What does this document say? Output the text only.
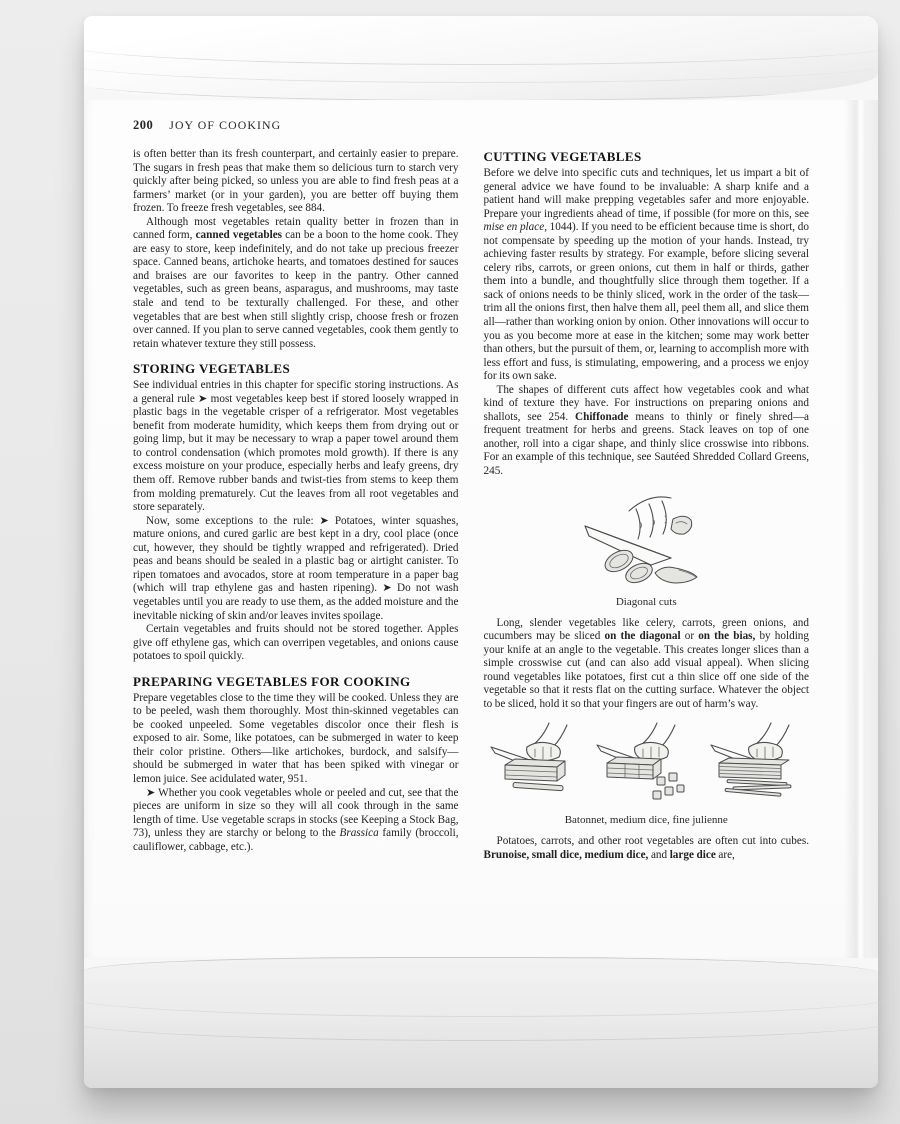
200 JOY OF COOKING

is often better than its fresh counterpart, and certainly easier to prepare. The sugars in fresh peas that make them so delicious turn to starch very quickly after being picked, so unless you are able to find fresh peas at a farmers’ market (or in your garden), you are better off buying them frozen. To freeze fresh vegetables, see 884.

Although most vegetables retain quality better in frozen than in canned form, canned vegetables can be a boon to the home cook. They are easy to store, keep indefinitely, and do not take up precious freezer space. Canned beans, artichoke hearts, and tomatoes destined for sauces and braises are our favorites to keep in the pantry. Other canned vegetables, such as green beans, asparagus, and mushrooms, may taste stale and tend to be texturally challenged. For these, and other vegetables that are best when still slightly crisp, choose fresh or frozen over canned. If you plan to serve canned vegetables, cook them gently to retain whatever texture they still possess.

STORING VEGETABLES

See individual entries in this chapter for specific storing instructions. As a general rule ➤ most vegetables keep best if stored loosely wrapped in plastic bags in the vegetable crisper of a refrigerator. Most vegetables benefit from moderate humidity, which keeps them from drying out or going limp, but it may be necessary to wrap a paper towel around them to control condensation (which promotes mold growth). If there is any excess moisture on your produce, especially herbs and leafy greens, dry them off. Remove rubber bands and twist-ties from stems to keep them from molding prematurely. Cut the leaves from all root vegetables and store separately.

Now, some exceptions to the rule: ➤ Potatoes, winter squashes, mature onions, and cured garlic are best kept in a dry, cool place (once cut, however, they should be tightly wrapped and refrigerated). Dried peas and beans should be sealed in a plastic bag or airtight canister. To ripen tomatoes and avocados, store at room temperature in a paper bag (which will trap ethylene gas and hasten ripening). ➤ Do not wash vegetables until you are ready to use them, as the added moisture and the inevitable nicking of skin and/or leaves invites spoilage.

Certain vegetables and fruits should not be stored together. Apples give off ethylene gas, which can overripen vegetables, and onions cause potatoes to spoil quickly.

PREPARING VEGETABLES FOR COOKING

Prepare vegetables close to the time they will be cooked. Unless they are to be peeled, wash them thoroughly. Most thin-skinned vegetables can be cooked unpeeled. Some vegetables discolor once their flesh is exposed to air. Some, like potatoes, can be submerged in water to keep their color pristine. Others—like artichokes, burdock, and salsify—should be submerged in water that has been spiked with vinegar or lemon juice. See acidulated water, 951.

➤ Whether you cook vegetables whole or peeled and cut, see that the pieces are uniform in size so they will all cook through in the same length of time. Use vegetable scraps in stocks (see Keeping a Stock Bag, 73), unless they are starchy or belong to the Brassica family (broccoli, cauliflower, cabbage, etc.).

CUTTING VEGETABLES

Before we delve into specific cuts and techniques, let us impart a bit of general advice we have found to be invaluable: A sharp knife and a patient hand will make prepping vegetables safer and more enjoyable. Prepare your ingredients ahead of time, if possible (for more on this, see mise en place, 1044). If you need to be efficient because time is short, do not compensate by speeding up the motion of your hands. Instead, try achieving faster results by strategy. For example, before slicing several celery ribs, carrots, or green onions, cut them in half or thirds, gather them into a bundle, and thoughtfully slice through them together. If a sack of onions needs to be thinly sliced, work in the order of the task—trim all the onions first, then halve them all, peel them all, and slice them all—rather than working onion by onion. Other innovations will occur to you as you become more at ease in the kitchen; some may work better than others, but the pursuit of them, or, learning to accomplish more with less effort and fuss, is stimulating, empowering, and a process we enjoy for its own sake.

The shapes of different cuts affect how vegetables cook and what kind of texture they have. For instructions on preparing onions and shallots, see 254. Chiffonade means to thinly or finely shred—a frequent treatment for herbs and greens. Stack leaves on top of one another, roll into a cigar shape, and thinly slice crosswise into ribbons. For an example of this technique, see Sautéed Shredded Collard Greens, 245.

Diagonal cuts

Long, slender vegetables like celery, carrots, green onions, and cucumbers may be sliced on the diagonal or on the bias, by holding your knife at an angle to the vegetable. This creates longer slices than a simple crosswise cut (and can also add visual appeal). When slicing round vegetables like potatoes, first cut a thin slice off one side of the vegetable so that it rests flat on the cutting surface. Whatever the object to be sliced, hold it so that your fingers are out of harm’s way.

Batonnet, medium dice, fine julienne

Potatoes, carrots, and other root vegetables are often cut into cubes. Brunoise, small dice, medium dice, and large dice are,
